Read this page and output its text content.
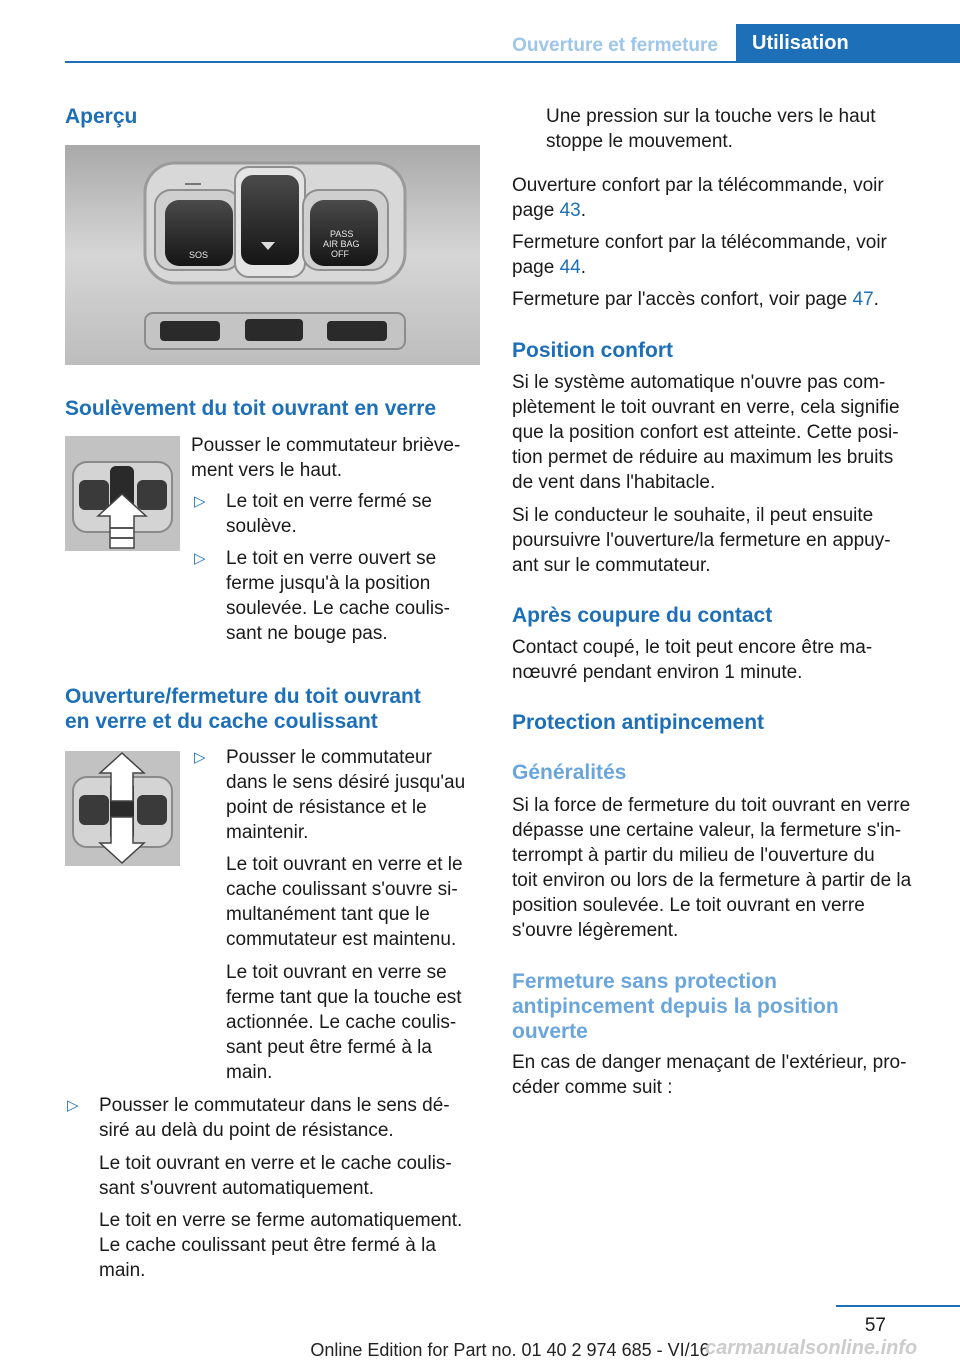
Ouverture et fermeture	Utilisation
Aperçu
SOS
PASS
AIR BAG
OFF
Soulèvement du toit ouvrant en verre
Pousser le commutateur briève-
ment vers le haut.
▷ Le toit en verre fermé se
soulève.
▷ Le toit en verre ouvert se
ferme jusqu'à la position
soulevée. Le cache coulis-
sant ne bouge pas.
Ouverture/fermeture du toit ouvrant
en verre et du cache coulissant
▷ Pousser le commutateur
dans le sens désiré jusqu'au
point de résistance et le
maintenir.
Le toit ouvrant en verre et le
cache coulissant s'ouvre si-
multanément tant que le
commutateur est maintenu.
Le toit ouvrant en verre se
ferme tant que la touche est
actionnée. Le cache coulis-
sant peut être fermé à la
main.
▷ Pousser le commutateur dans le sens dé-
siré au delà du point de résistance.
Le toit ouvrant en verre et le cache coulis-
sant s'ouvrent automatiquement.
Le toit en verre se ferme automatiquement.
Le cache coulissant peut être fermé à la
main.
Une pression sur la touche vers le haut
stoppe le mouvement.
Ouverture confort par la télécommande, voir
page 43.
Fermeture confort par la télécommande, voir
page 44.
Fermeture par l'accès confort, voir page 47.
Position confort
Si le système automatique n'ouvre pas com-
plètement le toit ouvrant en verre, cela signifie
que la position confort est atteinte. Cette posi-
tion permet de réduire au maximum les bruits
de vent dans l'habitacle.
Si le conducteur le souhaite, il peut ensuite
poursuivre l'ouverture/la fermeture en appuy-
ant sur le commutateur.
Après coupure du contact
Contact coupé, le toit peut encore être ma-
nœuvré pendant environ 1 minute.
Protection antipincement
Généralités
Si la force de fermeture du toit ouvrant en verre
dépasse une certaine valeur, la fermeture s'in-
terrompt à partir du milieu de l'ouverture du
toit environ ou lors de la fermeture à partir de la
position soulevée. Le toit ouvrant en verre
s'ouvre légèrement.
Fermeture sans protection
antipincement depuis la position
ouverte
En cas de danger menaçant de l'extérieur, pro-
céder comme suit :
57
Online Edition for Part no. 01 40 2 974 685 - VI/16
carmanualsonline.info
